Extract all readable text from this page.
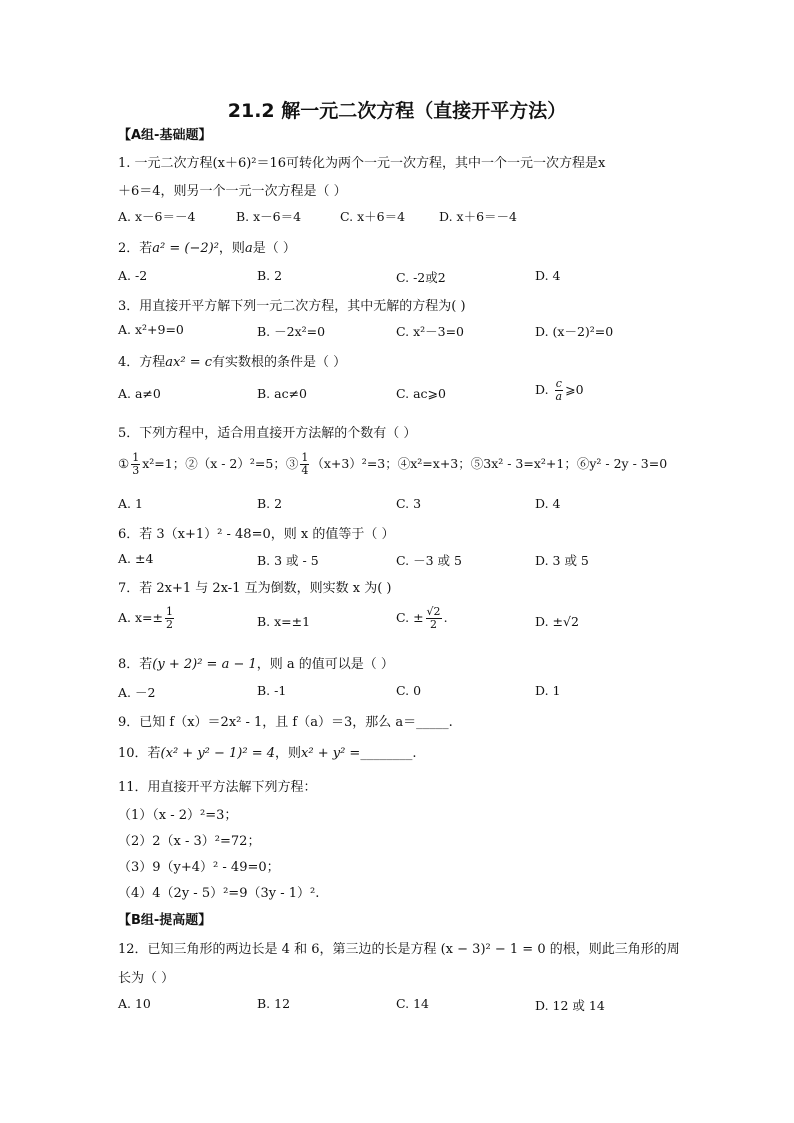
21.2 解一元二次方程（直接开平方法）
【A组-基础题】
1. 一元二次方程(x＋6)²＝16可转化为两个一元一次方程，其中一个一元一次方程是x
＋6＝4，则另一个一元一次方程是（ ）
A. x－6＝－4	B. x－6＝4	C. x＋6＝4	D. x＋6＝－4
2．若a² = (−2)²，则a是（ ）
A. -2	B. 2	C. -2或2	D. 4
3．用直接开平方解下列一元二次方程，其中无解的方程为( )
A. x²+9=0	B. －2x²=0	C. x²－3=0	D. (x－2)²=0
4．方程ax² = c有实数根的条件是（ ）
A. a≠0	B. ac≠0	C. ac⩾0	D. $\frac{c}{a}$ ⩾0
5．下列方程中，适合用直接开方法解的个数有（ ）
① $\frac{1}{3} x^2=1$；②（x - 2）²=5；③ $\frac{1}{4} (x+3)^2=3$；④x²=x+3；⑤3x² - 3=x²+1；⑥y² - 2y - 3=0
A. 1	B. 2	C. 3	D. 4
6．若 3（x+1）² - 48=0，则 x 的值等于（ ）
A. ±4	B. 3 或 - 5	C. －3 或 5	D. 3 或 5
7．若 2x+1 与 2x-1 互为倒数，则实数 x 为( )
A. $x=\pm \frac{1}{2}$	B. x=±1	C. ± $\frac{√2}{2}$ .	D. ±√2
8．若(y + 2)² = a − 1，则 a 的值可以是（ ）
A. －2	B. -1	C. 0	D. 1
9．已知 f（x）＝2x² - 1，且 f（a）＝3，那么 a＝_____.
10．若(x² + y² − 1)² = 4，则x² + y² =________.
11．用直接开平方法解下列方程：
（1）（x - 2）²=3；
（2）2（x - 3）²=72；
（3）9（y+4）² - 49=0；
（4）4（2y - 5）²=9（3y - 1）².
【B组-提高题】
12．已知三角形的两边长是 4 和 6，第三边的长是方程 (x − 3)² − 1 = 0 的根，则此三角形的周
长为（ ）
A. 10	B. 12	C. 14	D. 12 或 14
